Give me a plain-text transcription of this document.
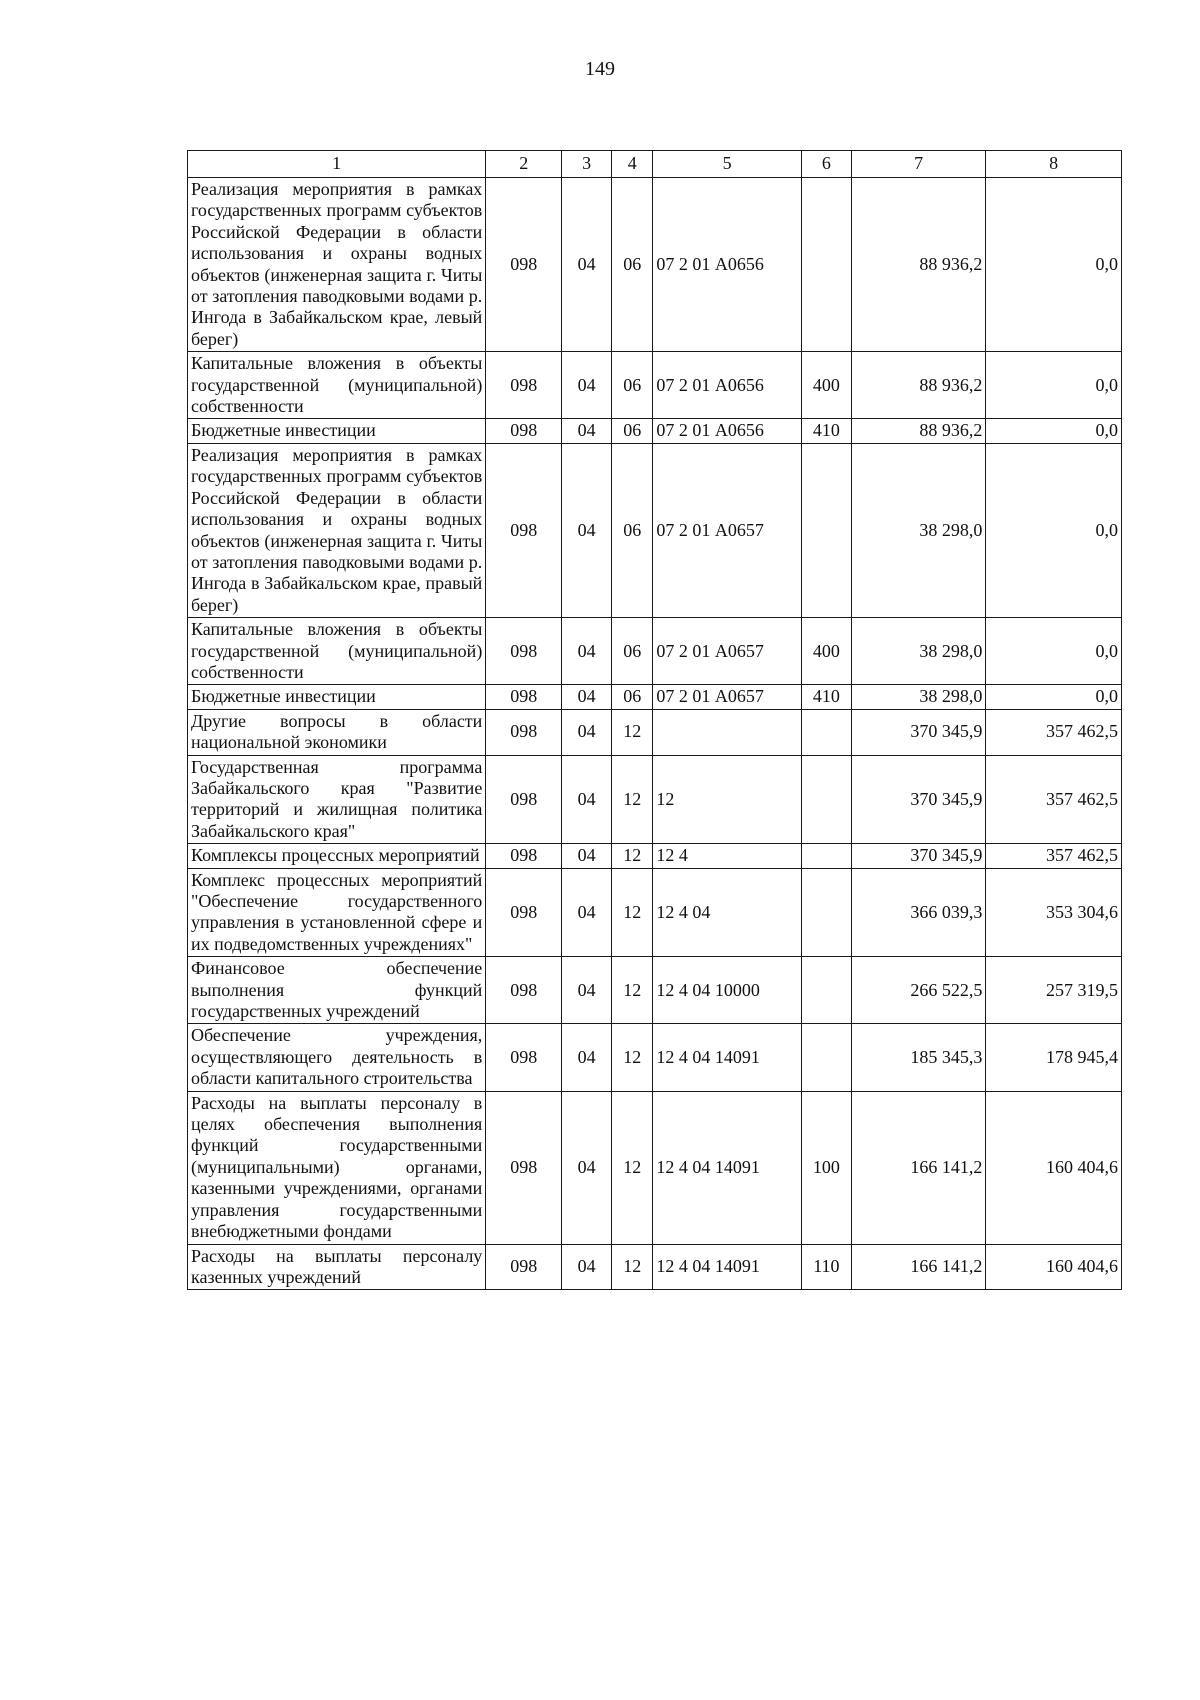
149
1	2	3	4	5	6	7	8
Реализация мероприятия в рамках государственных программ субъектов Российской Федерации в области использования и охраны водных объектов (инженерная защита г. Читы от затопления паводковыми водами р. Ингода в Забайкальском крае, левый берег)	098	04	06	07 2 01 А0656		88 936,2	0,0
Капитальные вложения в объекты государственной (муниципальной) собственности	098	04	06	07 2 01 А0656	400	88 936,2	0,0
Бюджетные инвестиции	098	04	06	07 2 01 А0656	410	88 936,2	0,0
Реализация мероприятия в рамках государственных программ субъектов Российской Федерации в области использования и охраны водных объектов (инженерная защита г. Читы от затопления паводковыми водами р. Ингода в Забайкальском крае, правый берег)	098	04	06	07 2 01 А0657		38 298,0	0,0
Капитальные вложения в объекты государственной (муниципальной) собственности	098	04	06	07 2 01 А0657	400	38 298,0	0,0
Бюджетные инвестиции	098	04	06	07 2 01 А0657	410	38 298,0	0,0
Другие вопросы в области национальной экономики	098	04	12			370 345,9	357 462,5
Государственная программа Забайкальского края "Развитие территорий и жилищная политика Забайкальского края"	098	04	12	12		370 345,9	357 462,5
Комплексы процессных мероприятий	098	04	12	12 4		370 345,9	357 462,5
Комплекс процессных мероприятий "Обеспечение государственного управления в установленной сфере и их подведомственных учреждениях"	098	04	12	12 4 04		366 039,3	353 304,6
Финансовое обеспечение выполнения функций государственных учреждений	098	04	12	12 4 04 10000		266 522,5	257 319,5
Обеспечение учреждения, осуществляющего деятельность в области капитального строительства	098	04	12	12 4 04 14091		185 345,3	178 945,4
Расходы на выплаты персоналу в целях обеспечения выполнения функций государственными (муниципальными) органами, казенными учреждениями, органами управления государственными внебюджетными фондами	098	04	12	12 4 04 14091	100	166 141,2	160 404,6
Расходы на выплаты персоналу казенных учреждений	098	04	12	12 4 04 14091	110	166 141,2	160 404,6
